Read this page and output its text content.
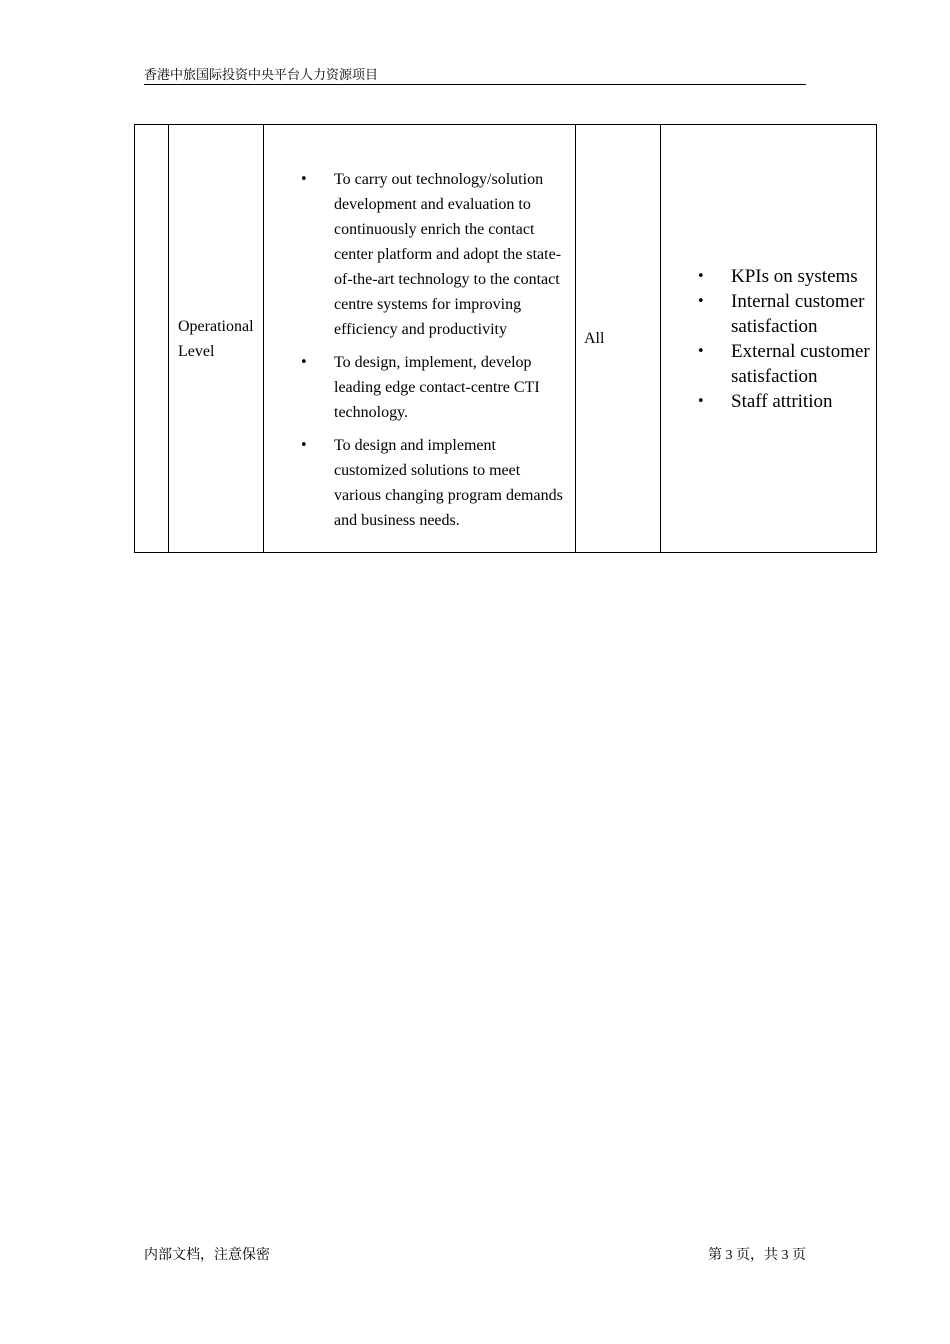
香港中旅国际投资中央平台人力资源项目

Operational Level

• To carry out technology/solution development and evaluation to continuously enrich the contact center platform and adopt the state-of-the-art technology to the contact centre systems for improving efficiency and productivity
• To design, implement, develop leading edge contact-centre CTI technology.
• To design and implement customized solutions to meet various changing program demands and business needs.

All

• KPIs on systems
• Internal customer satisfaction
• External customer satisfaction
• Staff attrition
内部文档，注意保密	第 3 页，共 3 页
